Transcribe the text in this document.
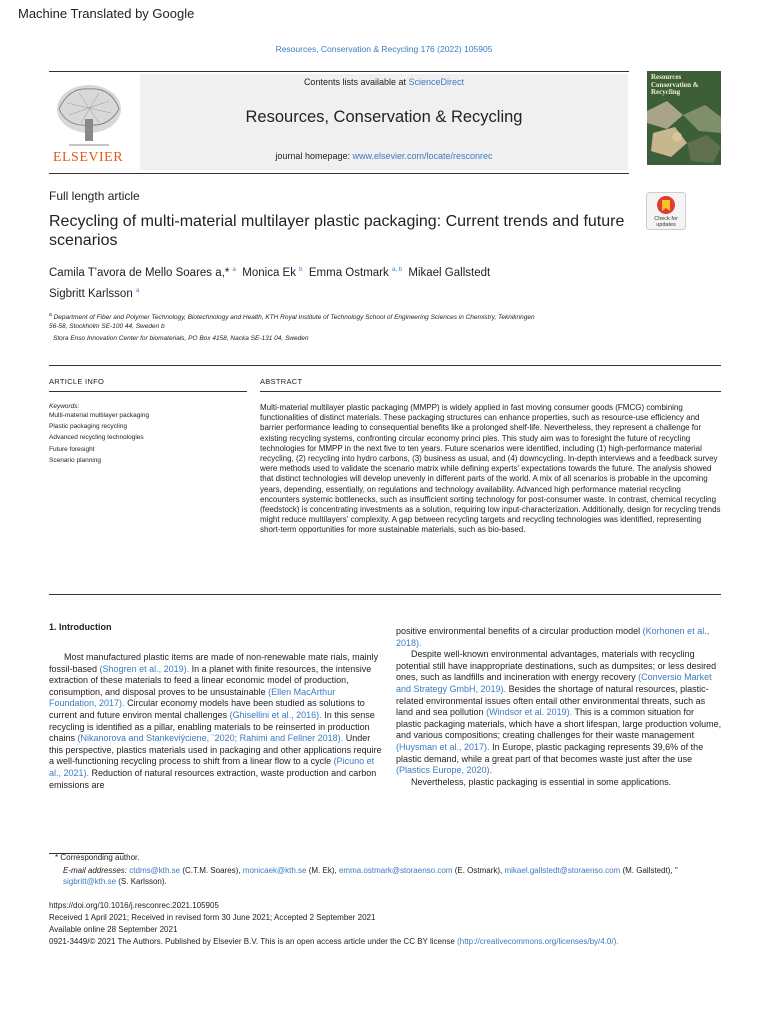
Machine Translated by Google
Resources, Conservation & Recycling 176 (2022) 105905
ELSEVIER
Contents lists available at ScienceDirect
Resources, Conservation & Recycling
journal homepage: www.elsevier.com/locate/resconrec
Resources Conservation & Recycling
Full length article
Recycling of multi-material multilayer plastic packaging: Current trends and future scenarios
Check for updates
Camila T'avora de Mello Soares a,* $^a$ Monica Ek $^b$ Emma Ostmark $^{a, b}$ Mikael Gallstedt
Sigbritt Karlsson $^a$
$^a$ Department of Fiber and Polymer Technology, Biotechnology and Health, KTH Royal Institute of Technology School of Engineering Sciences in Chemistry, Teknikringen
56-58, Stockholm SE-100 44, Sweden b
Stora Enso Innovation Center for biomaterials, PO Box 4158, Nacka SE-131 04, Sweden
ARTICLE INFO	ABSTRACT
Keywords:
Multi-material multilayer packaging
Plastic packaging recycling
Advanced recycling technologies
Future foresight
Scenario planning
Multi-material multilayer plastic packaging (MMPP) is widely applied in fast moving consumer goods (FMCG) combining functionalities of distinct materials. These packaging structures can enhance properties, such as resource-use efficiency and barrier performance leading to consequential benefits like a prolonged shelf-life. Nevertheless, they represent a challenge for existing recycling systems, confronting circular economy princi ples. This study aim was to foresight the future of recycling technologies for MMPP in the next five to ten years. Future scenarios were identified, including (1) high-performance material recycling, (2) recycling into hydro carbons, (3) business as usual, and (4) downcycling. In-depth interviews and a feedback survey were methods used to validate the scenario matrix while defining experts' expectations towards the future. The analysis showed that distinct technologies will develop unevenly in different parts of the world. A mix of all scenarios is probable in the upcoming years, depending, essentially, on regulations and technology availability. Advanced high performance material recycling encounters systemic bottlenecks, such as insufficient sorting technology for post-consumer waste. In contrast, chemical recycling (feedstock) is concentrating investments as a solution, requiring low input-characterization. Additionally, design for recycling trends might reduce multilayers' complexity. A gap between recycling targets and recycling technologies was identified, representing short-term opportunities for more sustainable materials, such as bio-based.
1. Introduction

Most manufactured plastic items are made of non-renewable mate rials, mainly fossil-based (Shogren et al., 2019). In a planet with finite resources, the intensive extraction of these materials to feed a linear economic model of production, consumption, and disposal proves to be unsustainable (Ellen MacArthur Foundation, 2017). Circular economy models have been studied as solutions to current and future environ mental challenges (Ghisellini et al., 2016). In this sense recycling is identified as a pillar, enabling materials to be reinserted in production chains (Nikanorova and Stankeviÿciene, ¨2020; Rahimi and Fellner 2018). Under this perspective, plastics materials used in packaging and other applications require a well-functioning recycling process to shift from a linear flow to a cycle (Picuno et al., 2021). Reduction of natural resources extraction, waste production and carbon emissions are

positive environmental benefits of a circular production model (Korhonen et al., 2018).

Despite well-known environmental advantages, materials with recycling potential still have inappropriate destinations, such as dumpsites; or less desired ones, such as landfills and incineration with energy recovery (Conversio Market and Strategy GmbH, 2019). Besides the shortage of natural resources, plastic-related environmental issues often entail other environmental threats, such as land and sea pollution (Windsor et al. 2019). This is a common situation for plastic packaging materials, which have a short lifespan, large production volume, and various compositions; creating challenges for their waste management (Huysman et al., 2017). In Europe, plastic packaging represents 39,6% of the plastic demand, while a great part of that becomes waste just after the use (Plastics Europe, 2020).

Nevertheless, plastic packaging is essential in some applications.

* Corresponding author.
E-mail addresses: ctdms@kth.se (C.T.M. Soares), monicaek@kth.se (M. Ek), emma.ostmark@storaenso.com (E. Ostmark), mikael.gallstedt@storaenso.com (M. Gallstedt), " sigbritt@kth.se (S. Karlsson).
https://doi.org/10.1016/j.resconrec.2021.105905
Received 1 April 2021; Received in revised form 30 June 2021; Accepted 2 September 2021
Available online 28 September 2021
0921-3449/© 2021 The Authors. Published by Elsevier B.V. This is an open access article under the CC BY license (http://creativecommons.org/licenses/by/4.0/).
